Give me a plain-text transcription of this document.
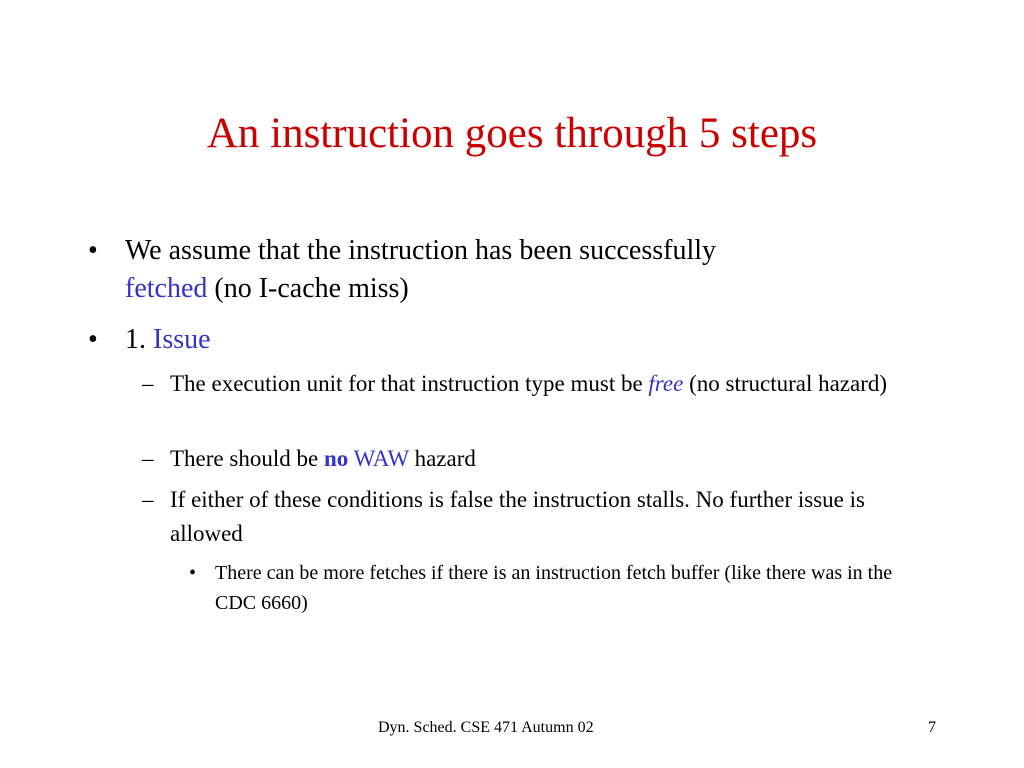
An instruction goes through 5 steps
• We assume that the instruction has been successfully
fetched (no I-cache miss)
• 1. Issue
– The execution unit for that instruction type must be free (no structural hazard)
– There should be no WAW hazard
– If either of these conditions is false the instruction stalls. No further issue is allowed
• There can be more fetches if there is an instruction fetch buffer (like there was in the CDC 6660)
Dyn. Sched. CSE 471 Autumn 02	7
